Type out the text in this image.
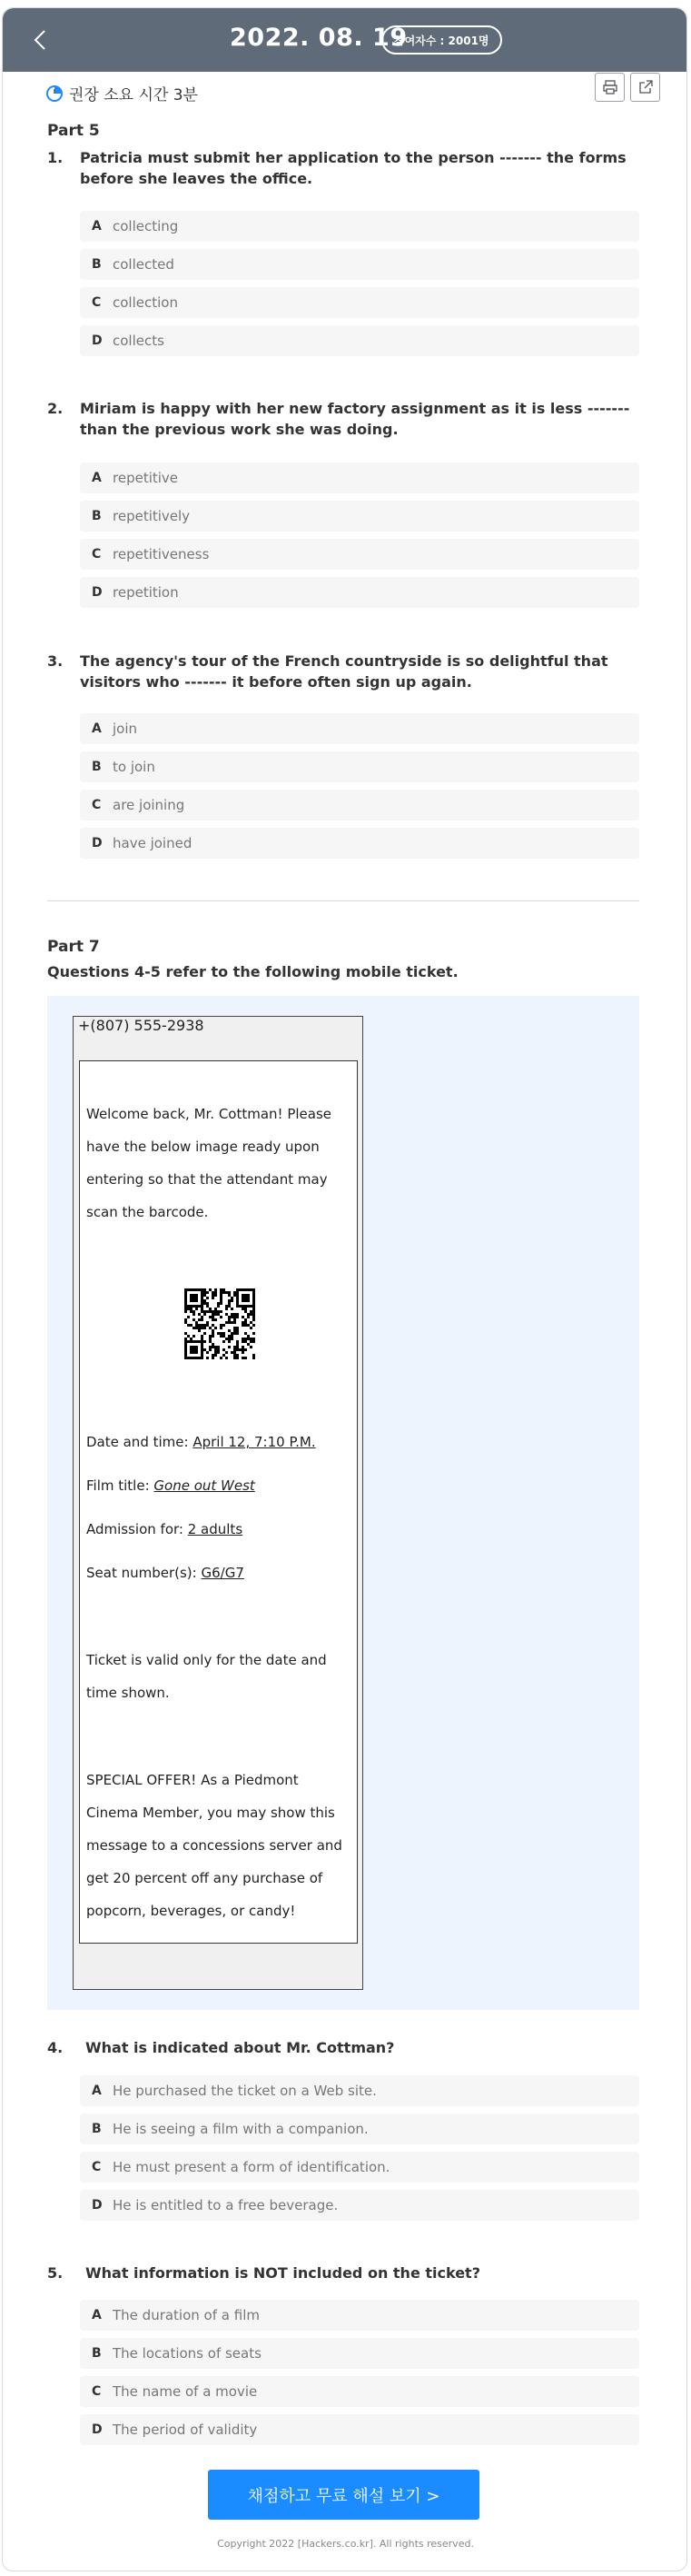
2022. 08. 19
참여자수 : 2001명
권장 소요 시간 3분
Part 5
1. Patricia must submit her application to the person ------- the forms before she leaves the office.
A collecting
B collected
C collection
D collects
2. Miriam is happy with her new factory assignment as it is less ------- than the previous work she was doing.
A repetitive
B repetitively
C repetitiveness
D repetition
3. The agency's tour of the French countryside is so delightful that visitors who ------- it before often sign up again.
A join
B to join
C are joining
D have joined
Part 7
Questions 4-5 refer to the following mobile ticket.
+(807) 555-2938
Welcome back, Mr. Cottman! Please
have the below image ready upon
entering so that the attendant may
scan the barcode.
Date and time: April 12, 7:10 P.M.
Film title: Gone out West
Admission for: 2 adults
Seat number(s): G6/G7
Ticket is valid only for the date and
time shown.
SPECIAL OFFER! As a Piedmont
Cinema Member, you may show this
message to a concessions server and
get 20 percent off any purchase of
popcorn, beverages, or candy!
4. What is indicated about Mr. Cottman?
A He purchased the ticket on a Web site.
B He is seeing a film with a companion.
C He must present a form of identification.
D He is entitled to a free beverage.
5. What information is NOT included on the ticket?
A The duration of a film
B The locations of seats
C The name of a movie
D The period of validity
채점하고 무료 해설 보기 >
Copyright 2022 [Hackers.co.kr]. All rights reserved.
